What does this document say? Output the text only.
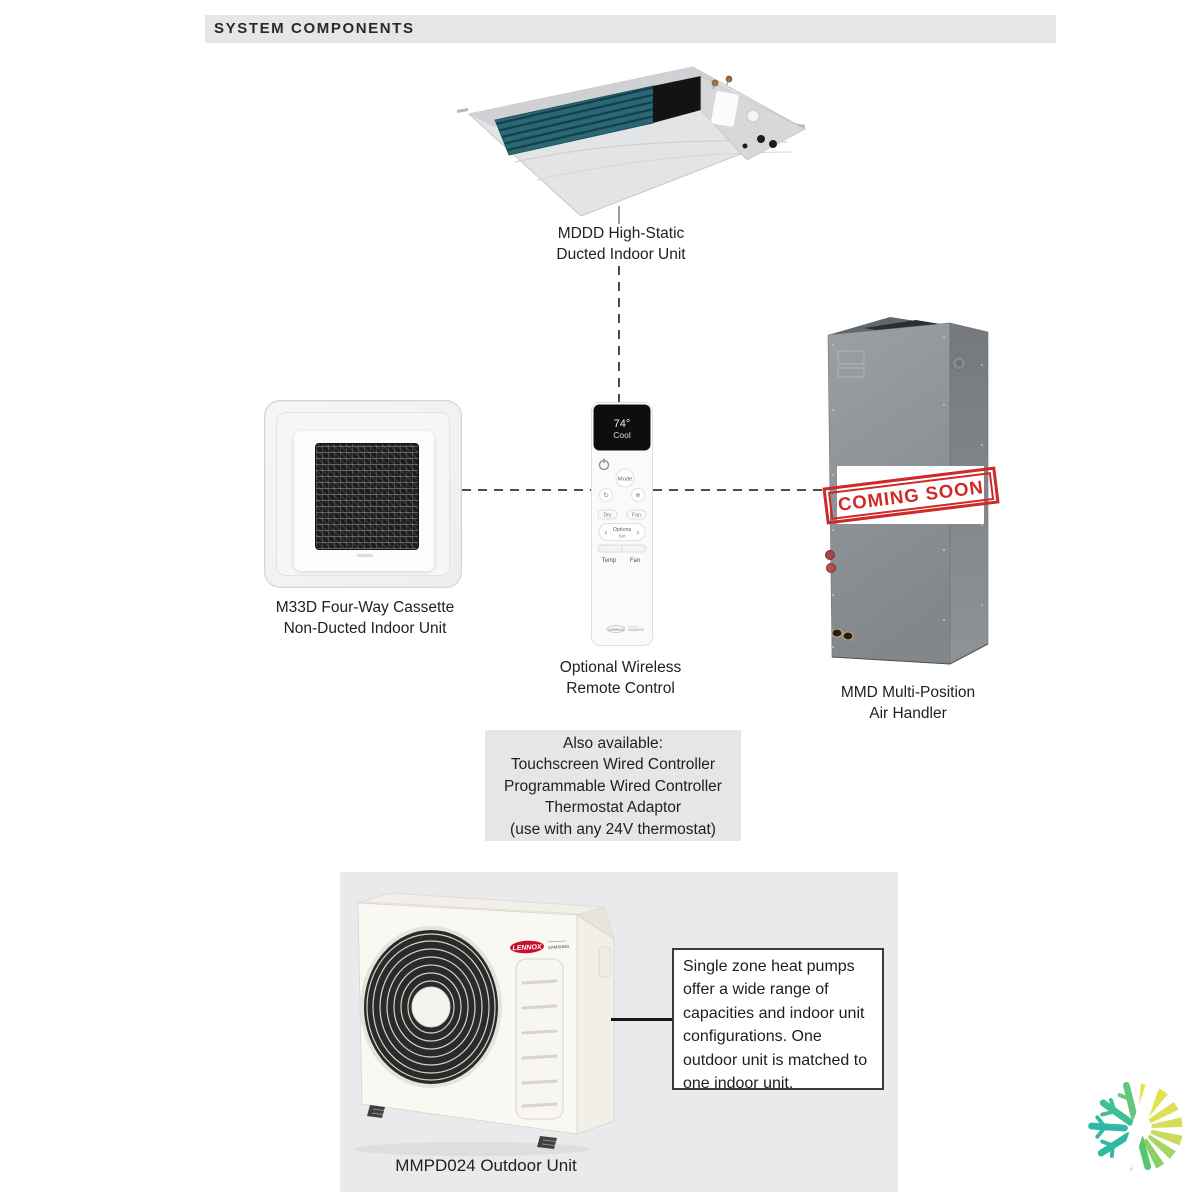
SYSTEM COMPONENTS
MDDD High-Static
Ducted Indoor Unit
M33D Four-Way Cassette
Non-Ducted Indoor Unit
74°
Cool
Mode
↻	❄
Dry	Fan
‹	›
Options
Set
Temp Fan
LENNOX SAMSUNG
Optional Wireless
Remote Control
COMING SOON
MMD Multi-Position
Air Handler
Also available:
Touchscreen Wired Controller
Programmable Wired Controller
Thermostat Adaptor
(use with any 24V thermostat)
LENNOX	SAMSUNG
Single zone heat pumps offer a wide range of capacities and indoor unit configurations. One outdoor unit is matched to one indoor unit.
MMPD024 Outdoor Unit
